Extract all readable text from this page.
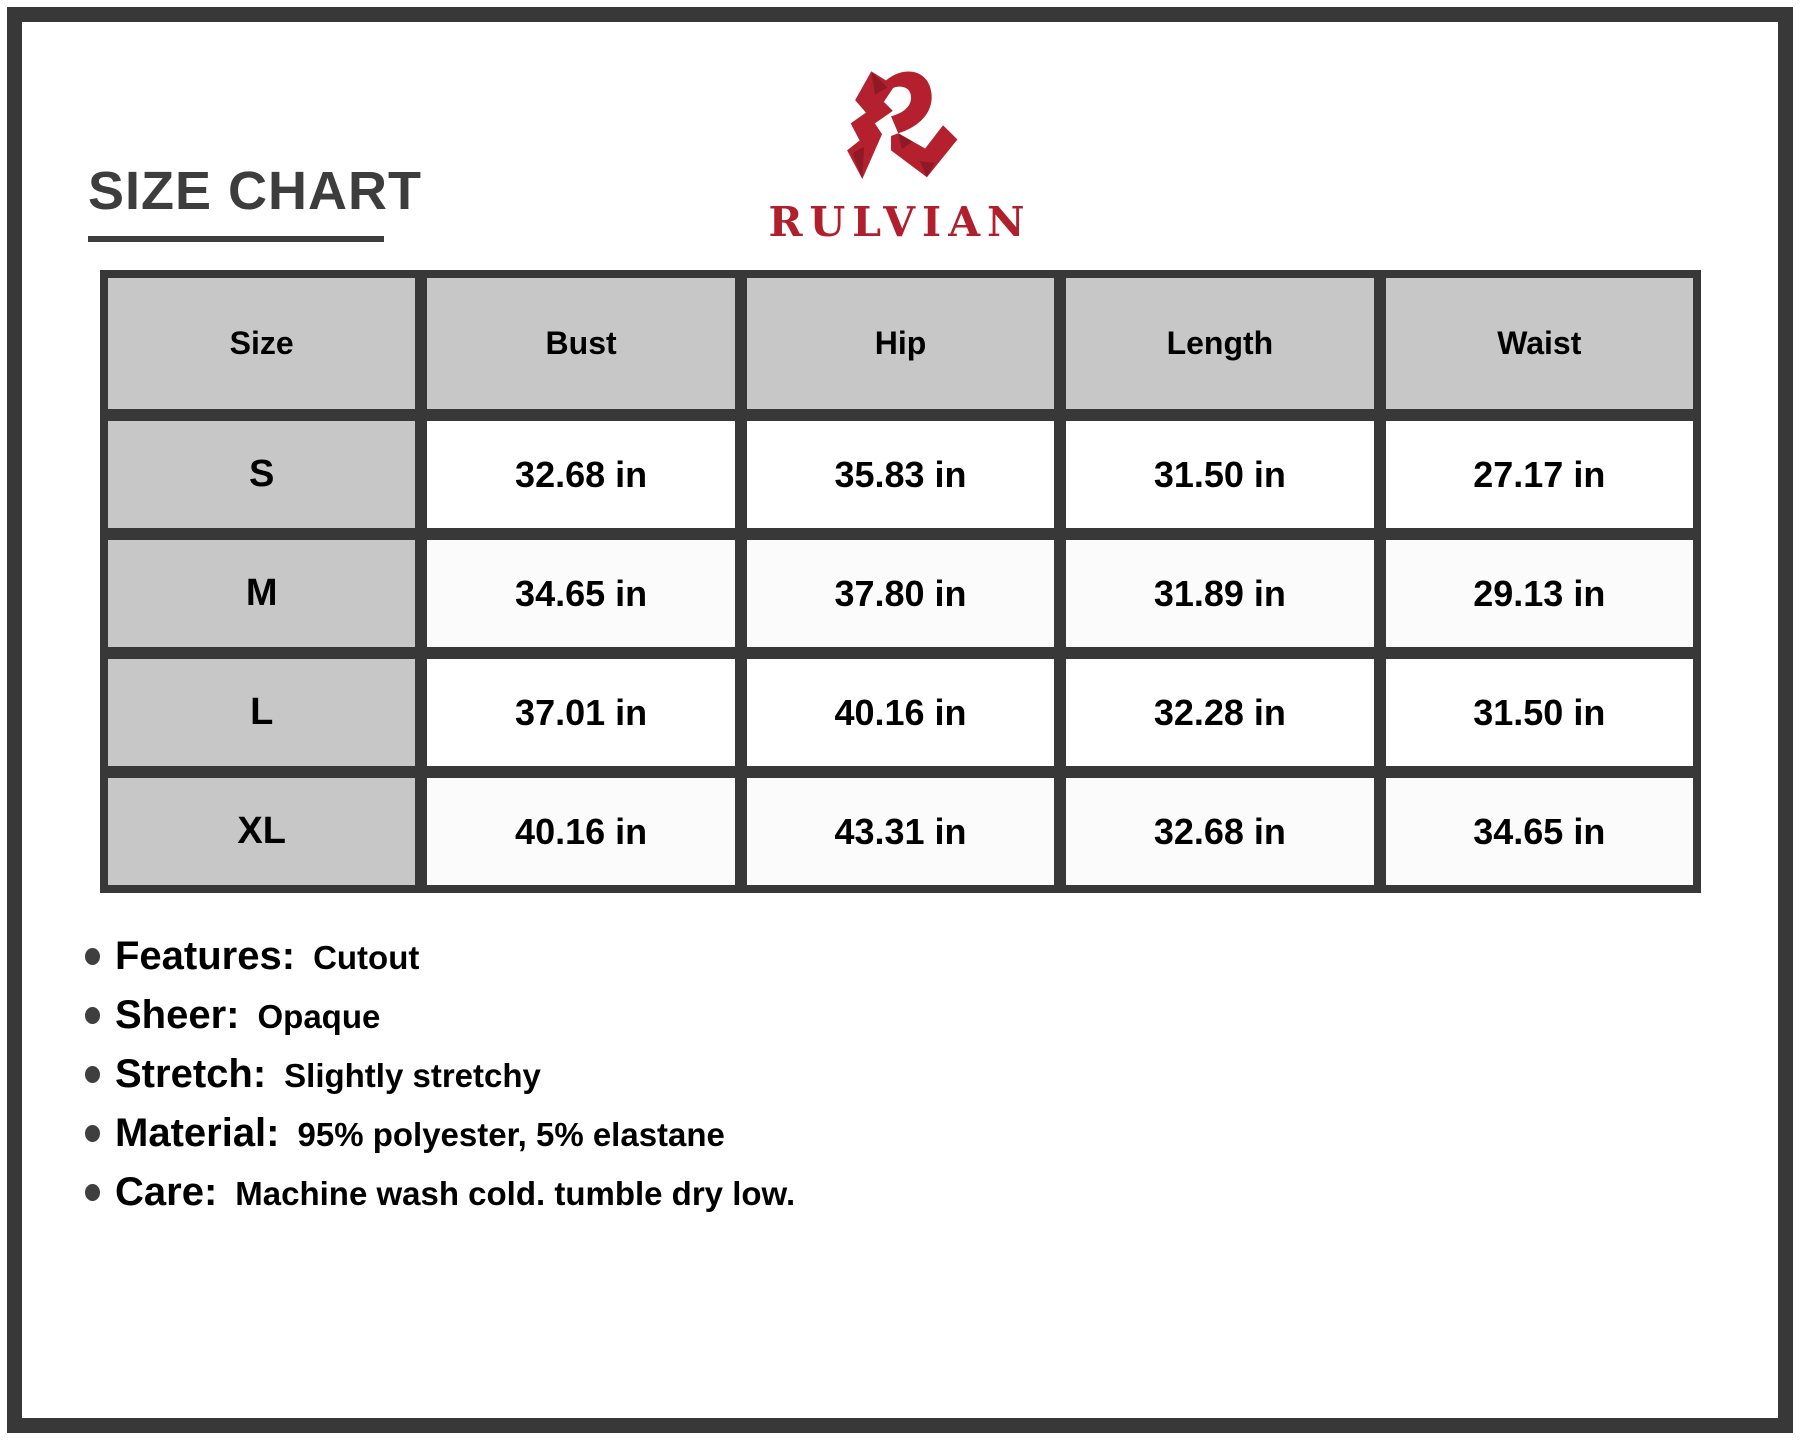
SIZE CHART
RULVIAN
Size	Bust	Hip	Length	Waist
S	32.68 in	35.83 in	31.50 in	27.17 in
M	34.65 in	37.80 in	31.89 in	29.13 in
L	37.01 in	40.16 in	32.28 in	31.50 in
XL	40.16 in	43.31 in	32.68 in	34.65 in
Features: Cutout
Sheer: Opaque
Stretch: Slightly stretchy
Material: 95% polyester, 5% elastane
Care: Machine wash cold. tumble dry low.
